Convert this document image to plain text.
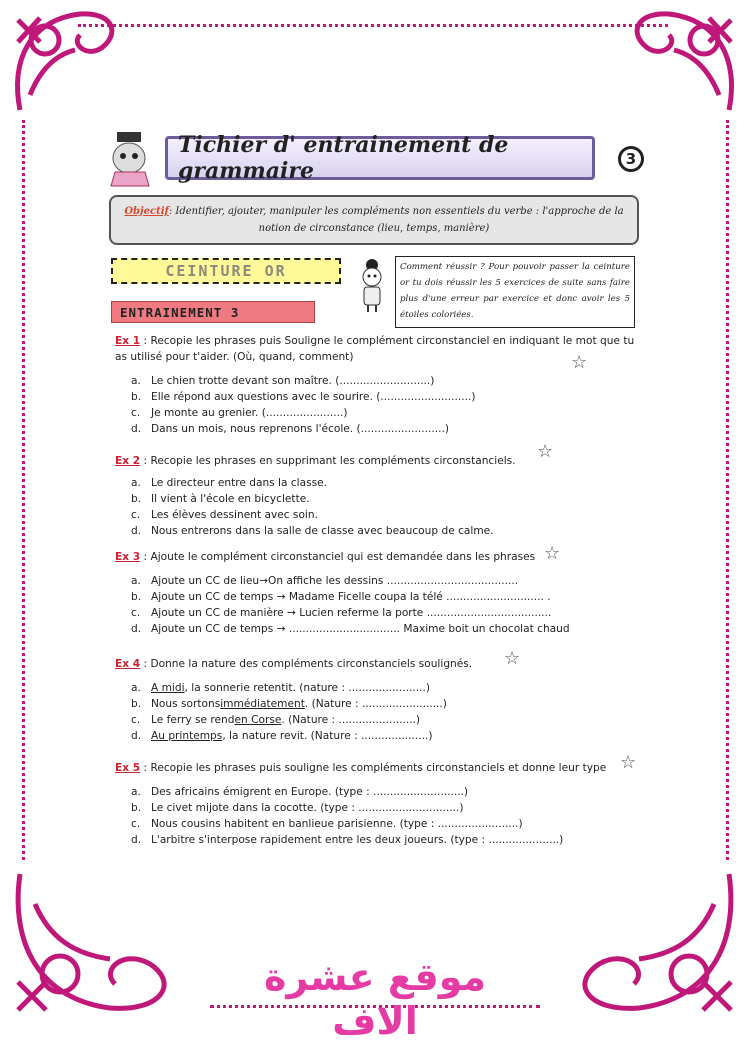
Tichier d' entrainement de grammaire	3
Objectif: Identifier, ajouter, manipuler les compléments non essentiels du verbe : l'approche de la notion de circonstance (lieu, temps, manière)
CEINTURE OR	Comment réussir ? Pour pouvoir passer la ceinture or tu dois réussir les 5 exercices de suite sans faire plus d'une erreur par exercice et donc avoir les 5 étoiles coloriées.
ENTRAINEMENT 3
Ex 1 : Recopie les phrases puis Souligne le complément circonstanciel en indiquant le mot que tu as utilisé pour t'aider. (Où, quand, comment)
a. Le chien trotte devant son maître. (...........................)
b. Elle répond aux questions avec le sourire. (...........................)
c.	Je monte au grenier. (.......................)
d. Dans un mois, nous reprenons l'école. (.........................)
☆
Ex 2 : Recopie les phrases en supprimant les compléments circonstanciels.
a. Le directeur entre dans la classe.
b. Il vient à l'école en bicyclette.
c.	Les élèves dessinent avec soin.
d. Nous entrerons dans la salle de classe avec beaucoup de calme.
☆
Ex 3 : Ajoute le complément circonstanciel qui est demandée dans les phrases
a. Ajoute un CC de lieu→On affiche les dessins .......................................
b. Ajoute un CC de temps → Madame Ficelle coupa la télé ............................. .
c.	Ajoute un CC de manière → Lucien referme la porte .....................................
d. Ajoute un CC de temps → ................................. Maxime boit un chocolat chaud
☆
Ex 4 : Donne la nature des compléments circonstanciels soulignés.
a. A midi , la sonnerie retentit. (nature : .......................)
b. Nous sortons immédiatement . (Nature : ........................)
c.	Le ferry se rend en Corse . (Nature : .......................)
d. Au printemps , la nature revit. (Nature : ....................)
☆
Ex 5 : Recopie les phrases puis souligne les compléments circonstanciels et donne leur type
a. Des africains émigrent en Europe. (type : ...........................)
b. Le civet mijote dans la cocotte. (type : ..............................)
c.	Nous cousins habitent en banlieue parisienne. (type : ........................)
d. L'arbitre s'interpose rapidement entre les deux joueurs. (type : .....................)
☆
موقع عشرة الاف
